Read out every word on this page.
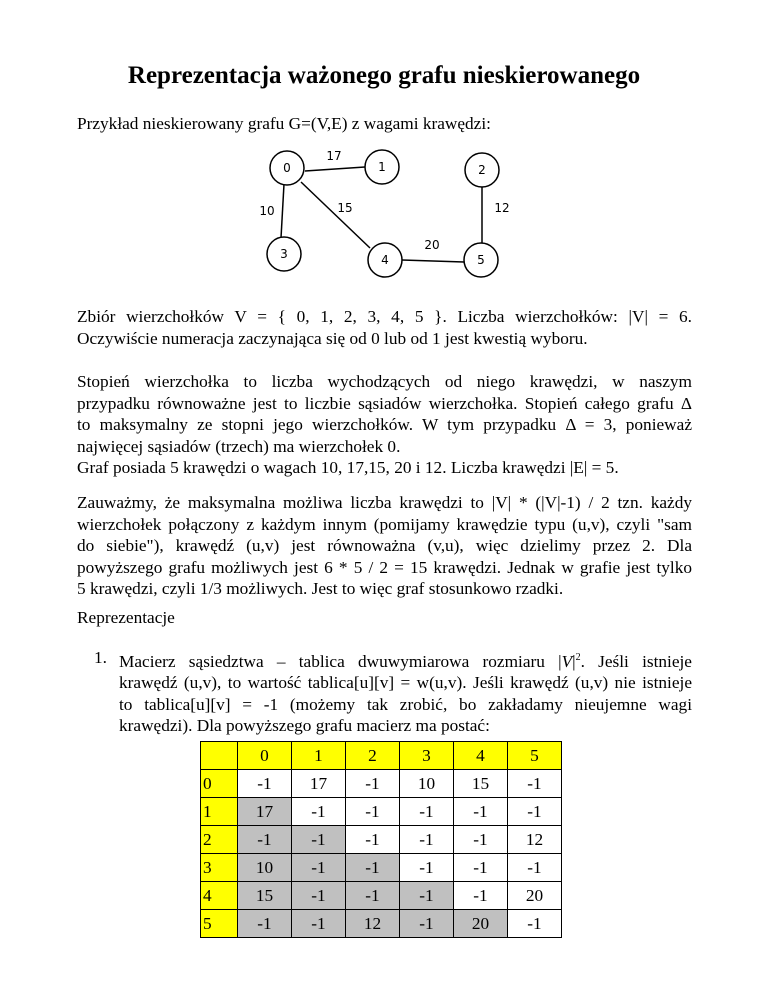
Reprezentacja ważonego grafu nieskierowanego

Przykład nieskierowany grafu G=(V,E) z wagami krawędzi:

0	1	2
3	4	5
17
10	15
20
12
Zbiór wierzchołków V = { 0, 1, 2, 3, 4, 5 }. Liczba wierzchołków: |V| = 6.
Oczywiście numeracja zaczynająca się od 0 lub od 1 jest kwestią wyboru.
Stopień wierzchołka to liczba wychodzących od niego krawędzi, w naszym
przypadku równoważne jest to liczbie sąsiadów wierzchołka. Stopień całego grafu Δ
to maksymalny ze stopni jego wierzchołków. W tym przypadku Δ = 3, ponieważ
najwięcej sąsiadów (trzech) ma wierzchołek 0.

Graf posiada 5 krawędzi o wagach 10, 17,15, 20 i 12. Liczba krawędzi |E| = 5.

Zauważmy, że maksymalna możliwa liczba krawędzi to |V| * (|V|-1) / 2 tzn. każdy
wierzchołek połączony z każdym innym (pomijamy krawędzie typu (u,v), czyli "sam
do siebie"), krawędź (u,v) jest równoważna (v,u), więc dzielimy przez 2. Dla
powyższego grafu możliwych jest 6 * 5 / 2 = 15 krawędzi. Jednak w grafie jest tylko
5 krawędzi, czyli 1/3 możliwych. Jest to więc graf stosunkowo rzadki.

Reprezentacje

1. Macierz sąsiedztwa – tablica dwuwymiarowa rozmiaru $|V|^2$. Jeśli istnieje
krawędź (u,v), to wartość tablica[u][v] = w(u,v). Jeśli krawędź (u,v) nie istnieje
to tablica[u][v] = -1 (możemy tak zrobić, bo zakładamy nieujemne wagi
krawędzi). Dla powyższego grafu macierz ma postać:
	0	1	2	3	4	5
0	-1	17	-1	10	15	-1
1	17	-1	-1	-1	-1	-1
2	-1	-1	-1	-1	-1	12
3	10	-1	-1	-1	-1	-1
4	15	-1	-1	-1	-1	20
5	-1	-1	12	-1	20	-1
